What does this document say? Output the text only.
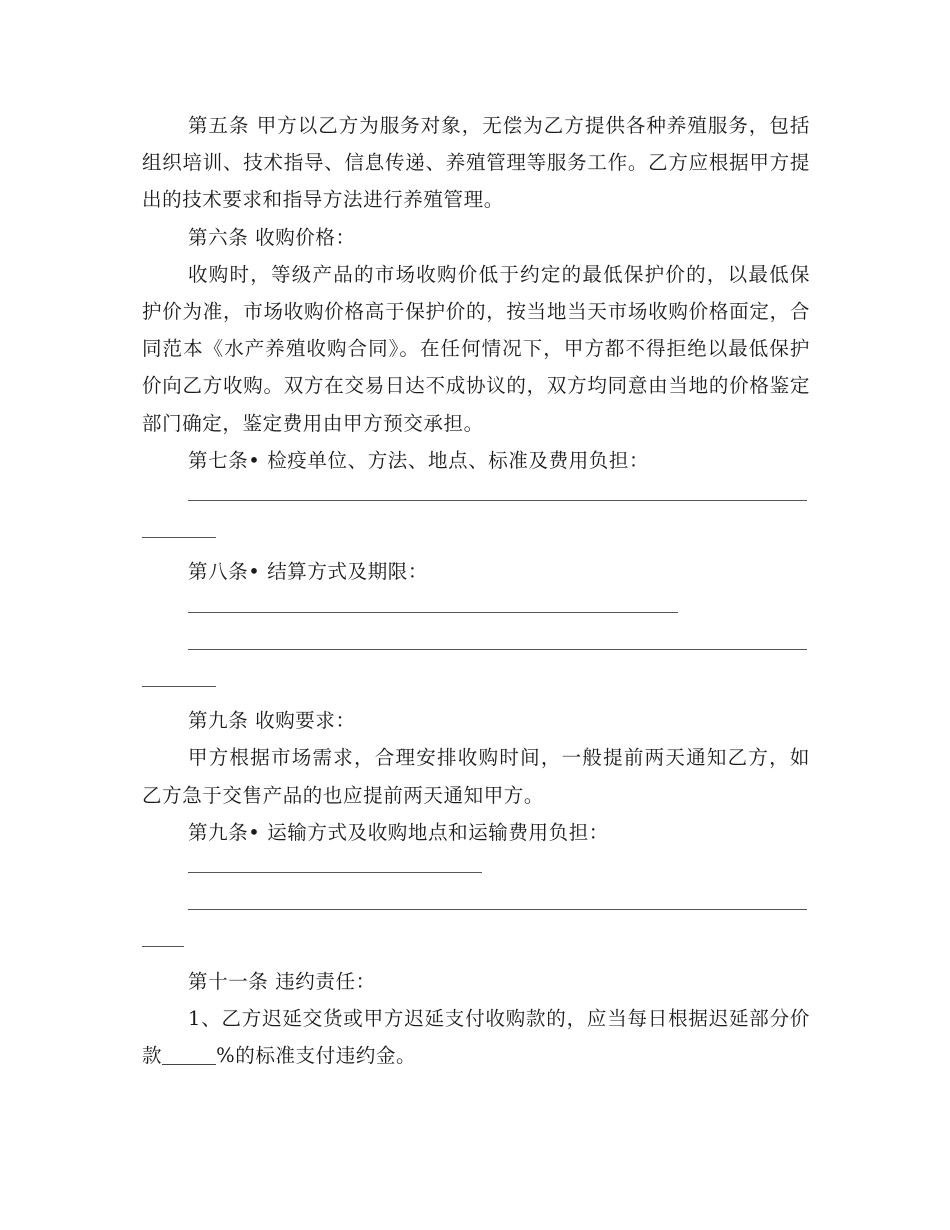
第五条 甲方以乙方为服务对象，无偿为乙方提供各种养殖服务，包括组织培训、技术指导、信息传递、养殖管理等服务工作。乙方应根据甲方提出的技术要求和指导方法进行养殖管理。

第六条 收购价格：

收购时，等级产品的市场收购价低于约定的最低保护价的，以最低保护价为准，市场收购价格高于保护价的，按当地当天市场收购价格面定，合同范本《水产养殖收购合同》。在任何情况下，甲方都不得拒绝以最低保护价向乙方收购。双方在交易日达不成协议的，双方均同意由当地的价格鉴定部门确定，鉴定费用由甲方预交承担。

第七条• 检疫单位、方法、地点、标准及费用负担：

第八条• 结算方式及期限：

第九条 收购要求：

甲方根据市场需求，合理安排收购时间，一般提前两天通知乙方，如乙方急于交售产品的也应提前两天通知甲方。

第九条• 运输方式及收购地点和运输费用负担：

第十一条 违约责任：

1、乙方迟延交货或甲方迟延支付收购款的，应当每日根据迟延部分价款	%的标准支付违约金。
